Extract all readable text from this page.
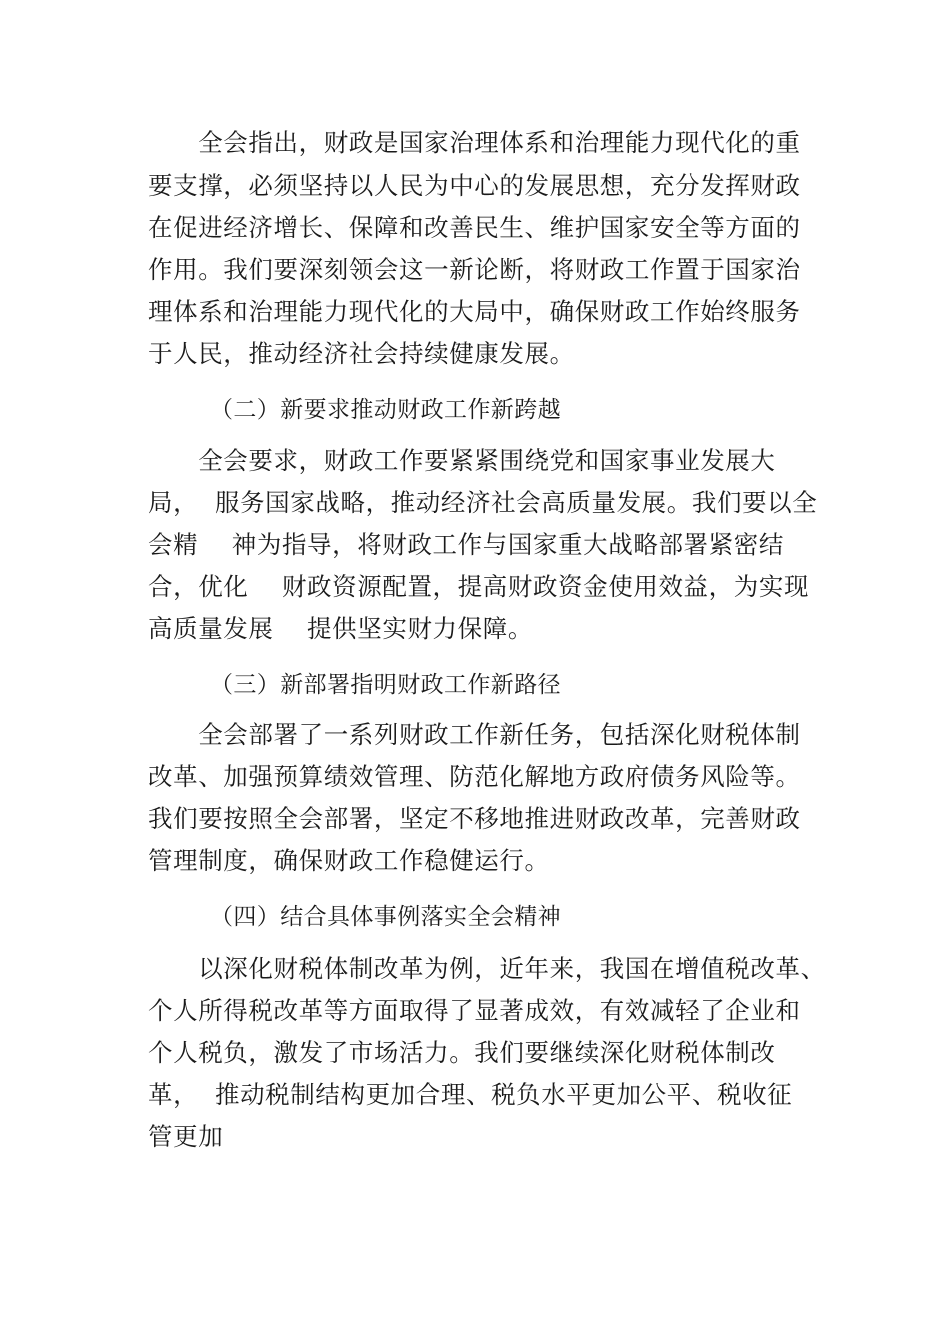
　　全会指出，财政是国家治理体系和治理能力现代化的重
要支撑，必须坚持以人民为中心的发展思想，充分发挥财政
在促进经济增长、保障和改善民生、维护国家安全等方面的
作用。我们要深刻领会这一新论断，将财政工作置于国家治
理体系和治理能力现代化的大局中，确保财政工作始终服务
于人民，推动经济社会持续健康发展。
（二）新要求推动财政工作新跨越
　　全会要求，财政工作要紧紧围绕党和国家事业发展大
局，  服务国家战略，推动经济社会高质量发展。我们要以全
会精    神为指导，将财政工作与国家重大战略部署紧密结
合，优化    财政资源配置，提高财政资金使用效益，为实现
高质量发展    提供坚实财力保障。
（三）新部署指明财政工作新路径
　　全会部署了一系列财政工作新任务，包括深化财税体制
改革、加强预算绩效管理、防范化解地方政府债务风险等。
我们要按照全会部署，坚定不移地推进财政改革，完善财政
管理制度，确保财政工作稳健运行。
（四）结合具体事例落实全会精神
　　以深化财税体制改革为例，近年来，我国在增值税改革、
个人所得税改革等方面取得了显著成效，有效减轻了企业和
个人税负，激发了市场活力。我们要继续深化财税体制改
革，  推动税制结构更加合理、税负水平更加公平、税收征
管更加
